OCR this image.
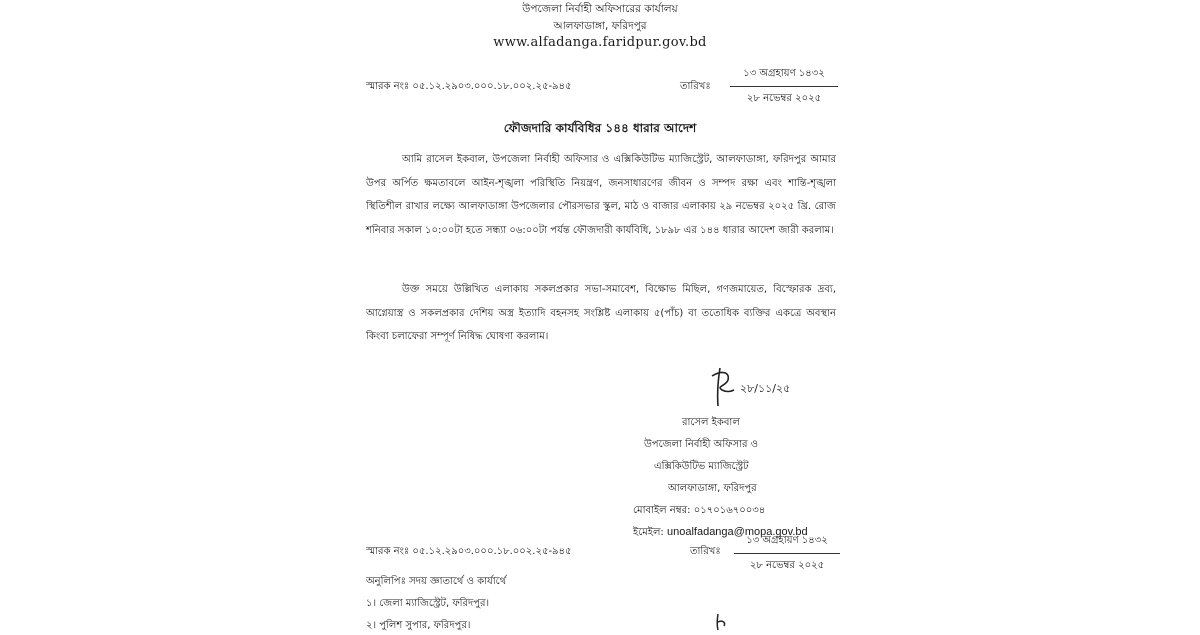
উপজেলা নির্বাহী অফিসারের কার্যালয়
আলফাডাঙ্গা, ফরিদপুর
www.alfadanga.faridpur.gov.bd
স্মারক নংঃ ০৫.১২.২৯০৩.০০০.১৮.০০২.২৫-৯৪৫	তারিখঃ
১৩ অগ্রহায়ণ ১৪৩২
২৮ নভেম্বর ২০২৫
ফৌজদারি কার্যবিধির ১৪৪ ধারার আদেশ
আমি রাসেল ইকবাল, উপজেলা নির্বাহী অফিসার ও এক্সিকিউটিভ ম্যাজিস্ট্রেট, আলফাডাঙ্গা, ফরিদপুর আমার উপর অর্পিত ক্ষমতাবলে আইন-শৃঙ্খলা পরিস্থিতি নিয়ন্ত্রণ, জনসাধারণের জীবন ও সম্পদ রক্ষা এবং শান্তি-শৃঙ্খলা স্থিতিশীল রাখার লক্ষ্যে আলফাডাঙ্গা উপজেলার পৌরসভার স্কুল, মাঠ ও বাজার এলাকায় ২৯ নভেম্বর ২০২৫ খ্রি. রোজ শনিবার সকাল ১০:০০টা হতে সন্ধ্যা ০৬:০০টা পর্যন্ত ফৌজদারী কার্যবিধি, ১৮৯৮ এর ১৪৪ ধারার আদেশ জারী করলাম।
উক্ত সময়ে উল্লিখিত এলাকায় সকলপ্রকার সভা-সমাবেশ, বিক্ষোভ মিছিল, গণজমায়েত, বিস্ফোরক দ্রব্য, আগ্নেয়াস্ত্র ও সকলপ্রকার দেশিয় অস্ত্র ইত্যাদি বহনসহ সংশ্লিষ্ট এলাকায় ৫(পাঁচ) বা ততোধিক ব্যক্তির একত্রে অবস্থান কিংবা চলাফেরা সম্পূর্ণ নিষিদ্ধ ঘোষণা করলাম।
২৮/১১/২৫
রাসেল ইকবাল
উপজেলা নির্বাহী অফিসার ও
এক্সিকিউটিভ ম্যাজিস্ট্রেট
আলফাডাঙ্গা, ফরিদপুর
মোবাইল নম্বর: ০১৭০১৬৭০০৩৪
ইমেইল: unoalfadanga@mopa.gov.bd
স্মারক নংঃ ০৫.১২.২৯০৩.০০০.১৮.০০২.২৫-৯৪৫	তারিখঃ
১৩ অগ্রহায়ণ ১৪৩২
২৮ নভেম্বর ২০২৫
অনুলিপিঃ সদয় জ্ঞাতার্থে ও কার্যার্থে
১। জেলা ম্যাজিস্ট্রেট, ফরিদপুর।
২। পুলিশ সুপার, ফরিদপুর।
